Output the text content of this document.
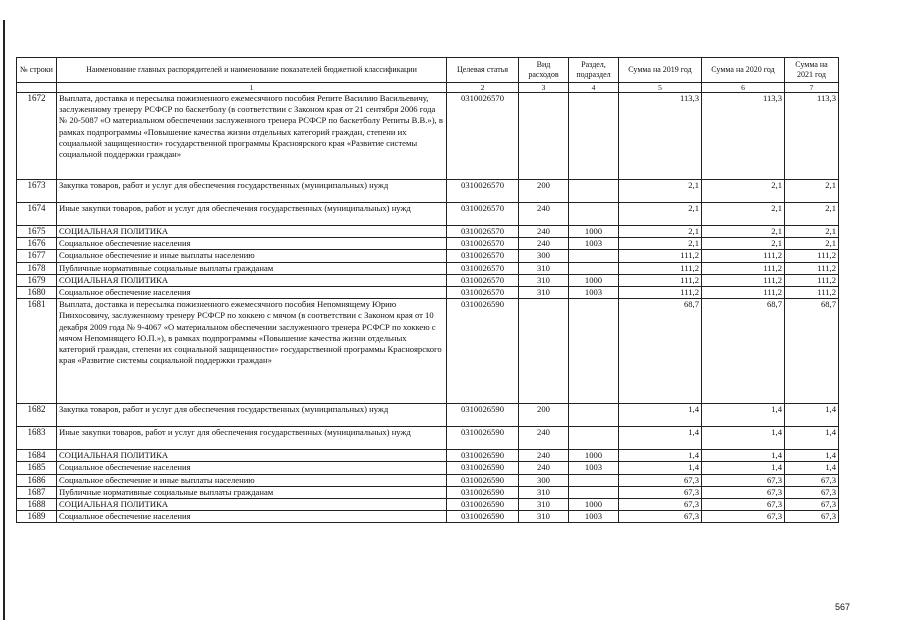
№ строки	Наименование главных распорядителей и наименование показателей бюджетной классификации	Целевая статья	Вид расходов	Раздел, подраздел	Сумма на 2019 год	Сумма на 2020 год	Сумма на 2021 год
	1	2	3	4	5	6	7
1672	Выплата, доставка и пересылка пожизненного ежемесячного пособия Репите Василию Васильевичу, заслуженному тренеру РСФСР по баскетболу (в соответствии с Законом края от 21 сентября 2006 года № 20-5087 «О материальном обеспечении заслуженного тренера РСФСР по баскетболу Репиты В.В.»), в рамках подпрограммы «Повышение качества жизни отдельных категорий граждан, степени их социальной защищенности» государственной программы Красноярского края «Развитие системы социальной поддержки граждан»	0310026570			113,3	113,3	113,3
1673	Закупка товаров, работ и услуг для обеспечения государственных (муниципальных) нужд	0310026570	200		2,1	2,1	2,1
1674	Иные закупки товаров, работ и услуг для обеспечения государственных (муниципальных) нужд	0310026570	240		2,1	2,1	2,1
1675	СОЦИАЛЬНАЯ ПОЛИТИКА	0310026570	240	1000	2,1	2,1	2,1
1676	Социальное обеспечение населения	0310026570	240	1003	2,1	2,1	2,1
1677	Социальное обеспечение и иные выплаты населению	0310026570	300		111,2	111,2	111,2
1678	Публичные нормативные социальные выплаты гражданам	0310026570	310		111,2	111,2	111,2
1679	СОЦИАЛЬНАЯ ПОЛИТИКА	0310026570	310	1000	111,2	111,2	111,2
1680	Социальное обеспечение населения	0310026570	310	1003	111,2	111,2	111,2
1681	Выплата, доставка и пересылка пожизненного ежемесячного пособия Непомнящему Юрию Пинхосовичу, заслуженному тренеру РСФСР по хоккею с мячом (в соответствии с Законом края от 10 декабря 2009 года № 9-4067 «О материальном обеспечении заслуженного тренера РСФСР по хоккею с мячом Непомнящего Ю.П.»), в рамках подпрограммы «Повышение качества жизни отдельных категорий граждан, степени их социальной защищенности» государственной программы Красноярского края «Развитие системы социальной поддержки граждан»	0310026590			68,7	68,7	68,7
1682	Закупка товаров, работ и услуг для обеспечения государственных (муниципальных) нужд	0310026590	200		1,4	1,4	1,4
1683	Иные закупки товаров, работ и услуг для обеспечения государственных (муниципальных) нужд	0310026590	240		1,4	1,4	1,4
1684	СОЦИАЛЬНАЯ ПОЛИТИКА	0310026590	240	1000	1,4	1,4	1,4
1685	Социальное обеспечение населения	0310026590	240	1003	1,4	1,4	1,4
1686	Социальное обеспечение и иные выплаты населению	0310026590	300		67,3	67,3	67,3
1687	Публичные нормативные социальные выплаты гражданам	0310026590	310		67,3	67,3	67,3
1688	СОЦИАЛЬНАЯ ПОЛИТИКА	0310026590	310	1000	67,3	67,3	67,3
1689	Социальное обеспечение населения	0310026590	310	1003	67,3	67,3	67,3
567
